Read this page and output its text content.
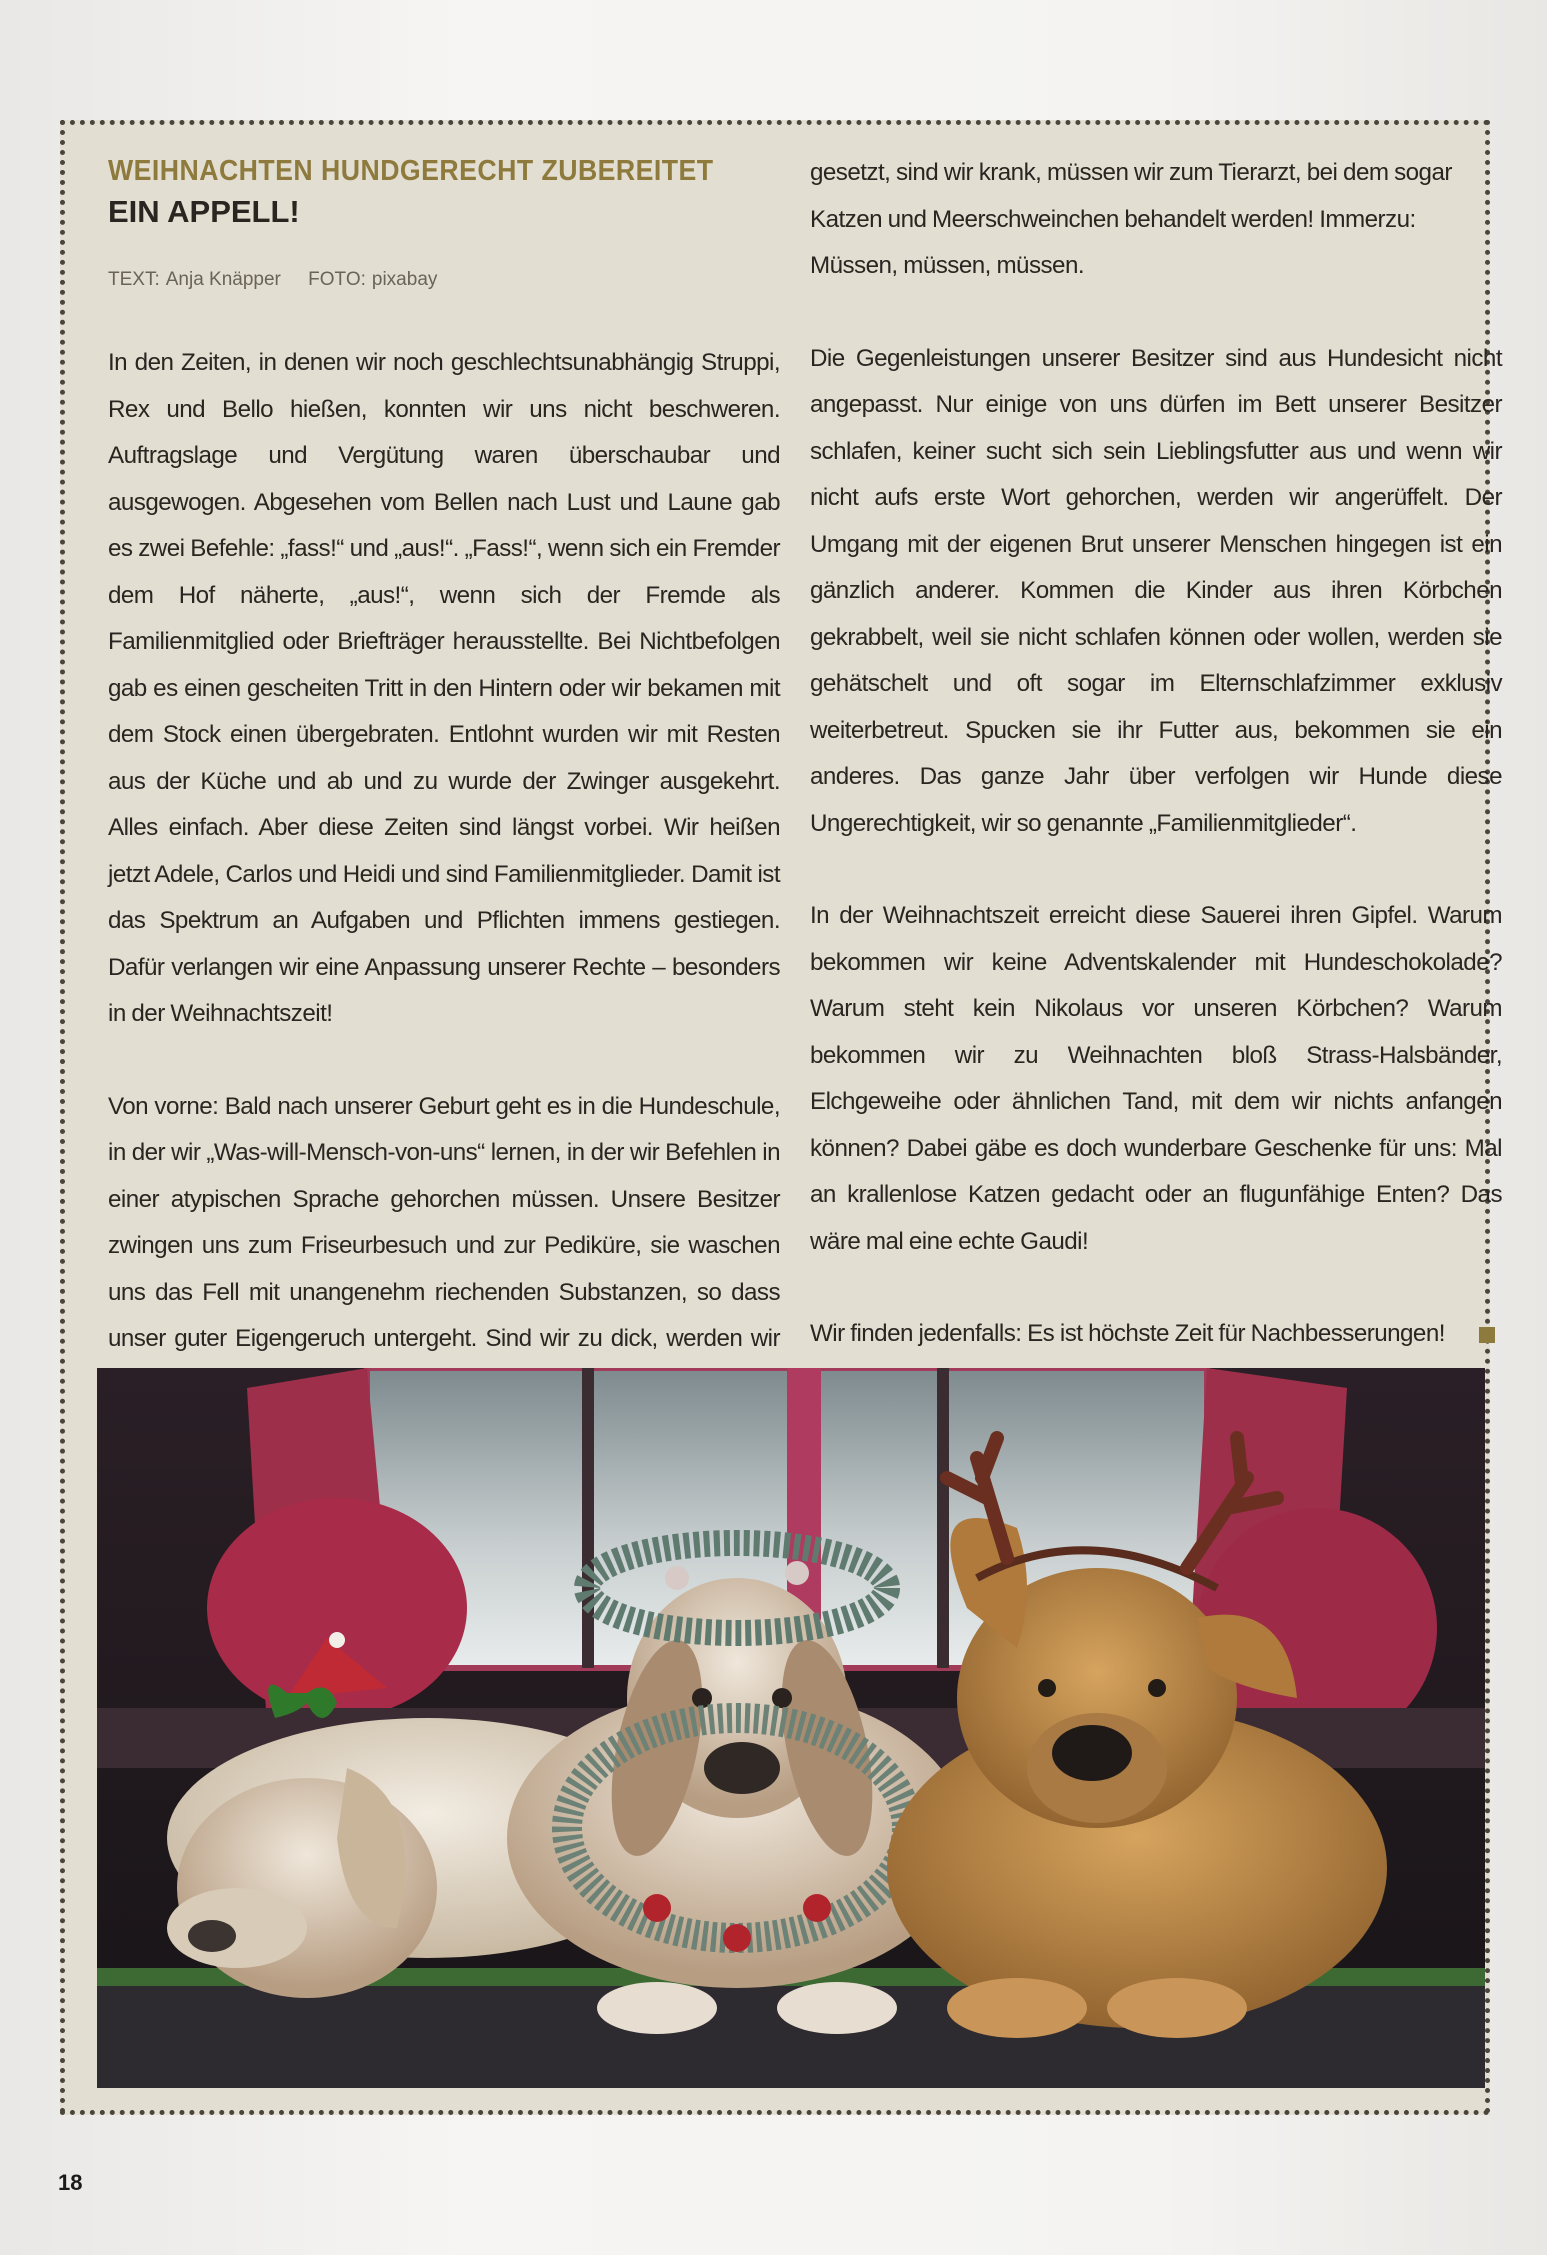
WEIHNACHTEN HUNDGERECHT ZUBEREITET
EIN APPELL!
TEXT: Anja Knäpper FOTO: pixabay

In den Zeiten, in denen wir noch geschlechtsunabhängig Struppi, Rex und Bello hießen, konnten wir uns nicht beschweren. Auftragslage und Vergütung waren überschaubar und ausgewogen. Abgesehen vom Bellen nach Lust und Laune gab es zwei Befehle: „fass!“ und „aus!“. „Fass!“, wenn sich ein Fremder dem Hof näherte, „aus!“, wenn sich der Fremde als Familienmitglied oder Briefträger herausstellte. Bei Nichtbefolgen gab es einen gescheiten Tritt in den Hintern oder wir bekamen mit dem Stock einen übergebraten. Entlohnt wurden wir mit Resten aus der Küche und ab und zu wurde der Zwinger ausgekehrt. Alles einfach. Aber diese Zeiten sind längst vorbei. Wir heißen jetzt Adele, Carlos und Heidi und sind Familienmitglieder. Damit ist das Spektrum an Aufgaben und Pflichten immens gestiegen. Dafür verlangen wir eine Anpassung unserer Rechte – besonders in der Weihnachtszeit!

Von vorne: Bald nach unserer Geburt geht es in die Hundeschule, in der wir „Was-will-Mensch-von-uns“ lernen, in der wir Befehlen in einer atypischen Sprache gehorchen müssen. Unsere Besitzer zwingen uns zum Friseurbesuch und zur Pediküre, sie waschen uns das Fell mit unangenehm riechenden Substanzen, so dass unser guter Eigengeruch untergeht. Sind wir zu dick, werden wir

gesetzt, sind wir krank, müssen wir zum Tierarzt, bei dem sogar Katzen und Meerschweinchen behandelt werden! Immerzu: Müssen, müssen, müssen.

Die Gegenleistungen unserer Besitzer sind aus Hundesicht nicht angepasst. Nur einige von uns dürfen im Bett unserer Besitzer schlafen, keiner sucht sich sein Lieblingsfutter aus und wenn wir nicht aufs erste Wort gehorchen, werden wir angerüffelt. Der Umgang mit der eigenen Brut unserer Menschen hingegen ist ein gänzlich anderer. Kommen die Kinder aus ihren Körbchen gekrabbelt, weil sie nicht schlafen können oder wollen, werden sie gehätschelt und oft sogar im Elternschlafzimmer exklusiv weiterbetreut. Spucken sie ihr Futter aus, bekommen sie ein anderes. Das ganze Jahr über verfolgen wir Hunde diese Ungerechtigkeit, wir so genannte „Familienmitglieder“.

In der Weihnachtszeit erreicht diese Sauerei ihren Gipfel. Warum bekommen wir keine Adventskalender mit Hundeschokolade? Warum steht kein Nikolaus vor unseren Körbchen? Warum bekommen wir zu Weihnachten bloß Strass-Halsbänder, Elchgeweihe oder ähnlichen Tand, mit dem wir nichts anfangen können? Dabei gäbe es doch wunderbare Geschenke für uns: Mal an krallenlose Katzen gedacht oder an flugunfähige Enten? Das wäre mal eine echte Gaudi!

Wir finden jedenfalls: Es ist höchste Zeit für Nachbesserungen!

18
